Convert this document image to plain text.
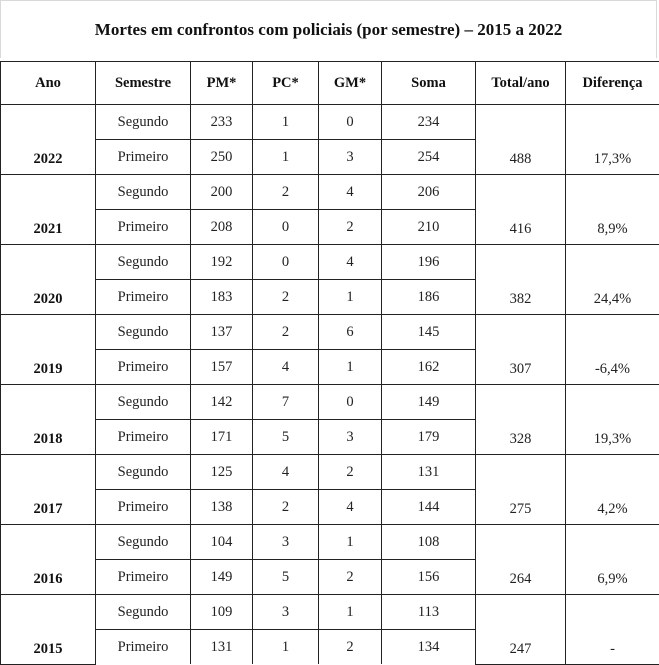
Mortes em confrontos com policiais (por semestre) – 2015 a 2022
Ano	Semestre	PM*	PC*	GM*	Soma	Total/ano	Diferença
2022	Segundo	233	1	0	234	488	17,3%
	Primeiro	250	1	3	254		
2021	Segundo	200	2	4	206	416	8,9%
	Primeiro	208	0	2	210		
2020	Segundo	192	0	4	196	382	24,4%
	Primeiro	183	2	1	186		
2019	Segundo	137	2	6	145	307	-6,4%
	Primeiro	157	4	1	162		
2018	Segundo	142	7	0	149	328	19,3%
	Primeiro	171	5	3	179		
2017	Segundo	125	4	2	131	275	4,2%
	Primeiro	138	2	4	144		
2016	Segundo	104	3	1	108	264	6,9%
	Primeiro	149	5	2	156		
2015	Segundo	109	3	1	113	247	-
	Primeiro	131	1	2	134		
